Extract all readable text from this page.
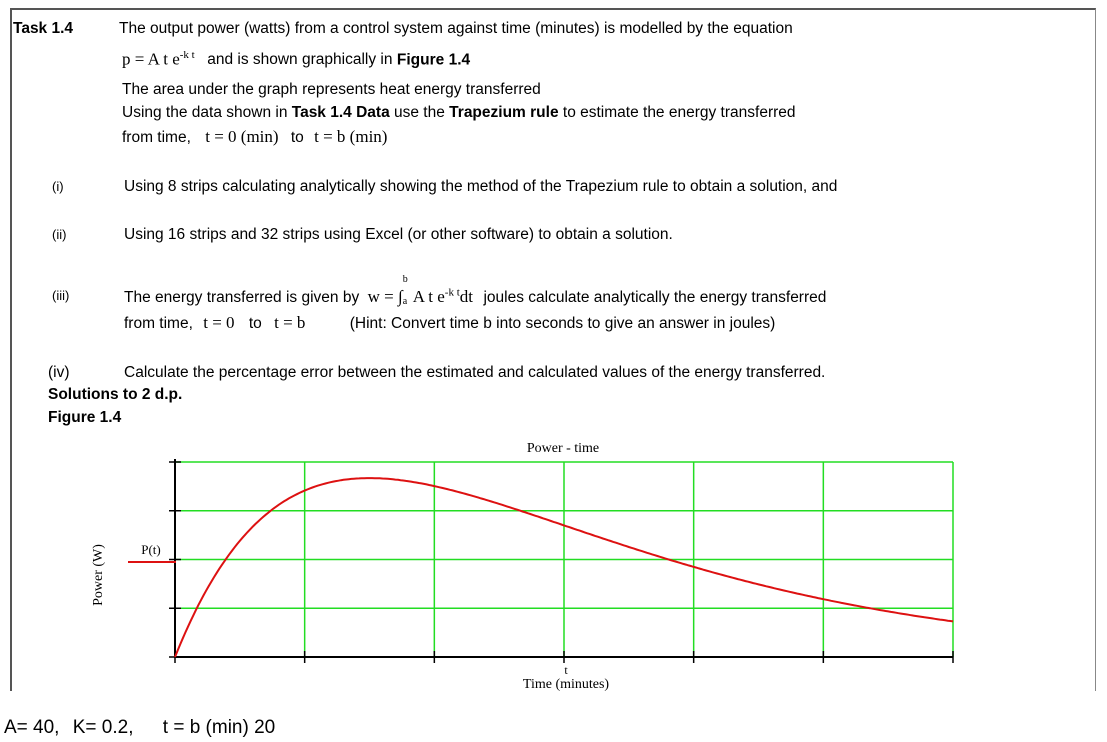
Task 1.4	The output power (watts) from a control system against time (minutes) is modelled by the equation
p = A t $e^{-k t}$ and is shown graphically in Figure 1.4
The area under the graph represents heat energy transferred
Using the data shown in Task 1.4 Data use the Trapezium rule to estimate the energy transferred
from time, t = 0 (min) to t = b (min)
(i)	Using 8 strips calculating analytically showing the method of the Trapezium rule to obtain a solution, and
(ii)	Using 16 strips and 32 strips using Excel (or other software) to obtain a solution.
(iii)	The energy transferred is given by w = ∫
b
a A t $e^{-k t}dt$ joules calculate analytically the energy transferred
from time, t = 0 to t = b	(Hint: Convert time b into seconds to give an answer in joules)
(iv)	Calculate the percentage error between the estimated and calculated values of the energy transferred.
Solutions to 2 d.p.
Figure 1.4
Power - time
P(t)
Power (W)
t
Time (minutes)
A= 40, K= 0.2, t = b (min) 20
